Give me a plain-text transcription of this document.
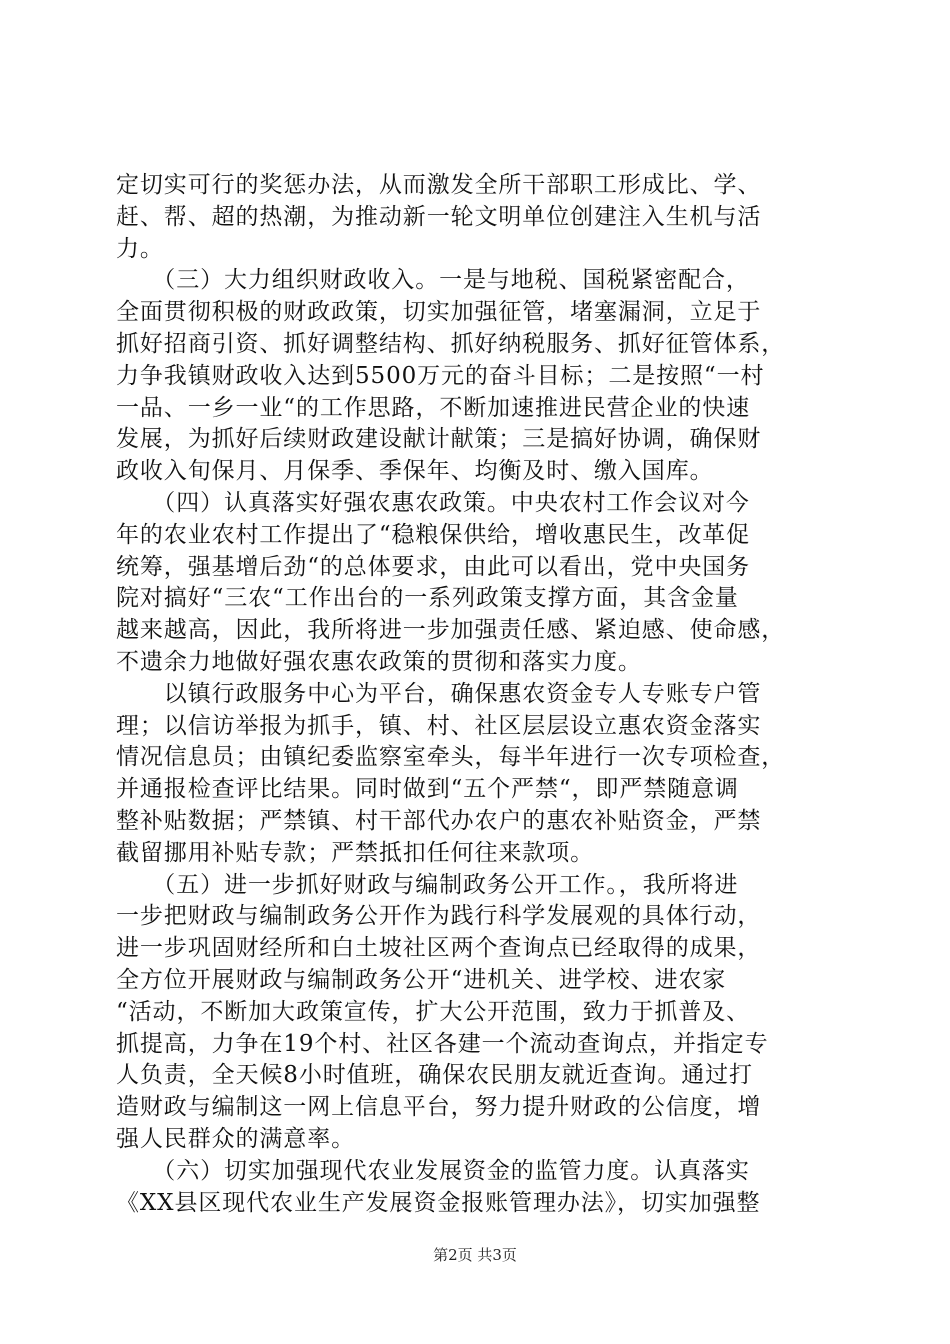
定切实可行的奖惩办法，从而激发全所干部职工形成比、学、
赶、帮、超的热潮，为推动新一轮文明单位创建注入生机与活
力。
　　（三）大力组织财政收入。一是与地税、国税紧密配合，
全面贯彻积极的财政政策，切实加强征管，堵塞漏洞，立足于
抓好招商引资、抓好调整结构、抓好纳税服务、抓好征管体系，
力争我镇财政收入达到5500万元的奋斗目标；二是按照“一村
一品、一乡一业“的工作思路，不断加速推进民营企业的快速
发展，为抓好后续财政建设献计献策；三是搞好协调，确保财
政收入旬保月、月保季、季保年、均衡及时、缴入国库。
　　（四）认真落实好强农惠农政策。中央农村工作会议对今
年的农业农村工作提出了“稳粮保供给，增收惠民生，改革促
统筹，强基增后劲“的总体要求，由此可以看出，党中央国务
院对搞好“三农“工作出台的一系列政策支撑方面，其含金量
越来越高，因此，我所将进一步加强责任感、紧迫感、使命感，
不遗余力地做好强农惠农政策的贯彻和落实力度。
　　以镇行政服务中心为平台，确保惠农资金专人专账专户管
理；以信访举报为抓手，镇、村、社区层层设立惠农资金落实
情况信息员；由镇纪委监察室牵头，每半年进行一次专项检查，
并通报检查评比结果。同时做到“五个严禁“，即严禁随意调
整补贴数据；严禁镇、村干部代办农户的惠农补贴资金，严禁
截留挪用补贴专款；严禁抵扣任何往来款项。
　　（五）进一步抓好财政与编制政务公开工作。，我所将进
一步把财政与编制政务公开作为践行科学发展观的具体行动，
进一步巩固财经所和白土坡社区两个查询点已经取得的成果，
全方位开展财政与编制政务公开“进机关、进学校、进农家
“活动，不断加大政策宣传，扩大公开范围，致力于抓普及、
抓提高，力争在19个村、社区各建一个流动查询点，并指定专
人负责，全天候8小时值班，确保农民朋友就近查询。通过打
造财政与编制这一网上信息平台，努力提升财政的公信度，增
强人民群众的满意率。
　　（六）切实加强现代农业发展资金的监管力度。认真落实
《XX县区现代农业生产发展资金报账管理办法》，切实加强整
第2页 共3页
